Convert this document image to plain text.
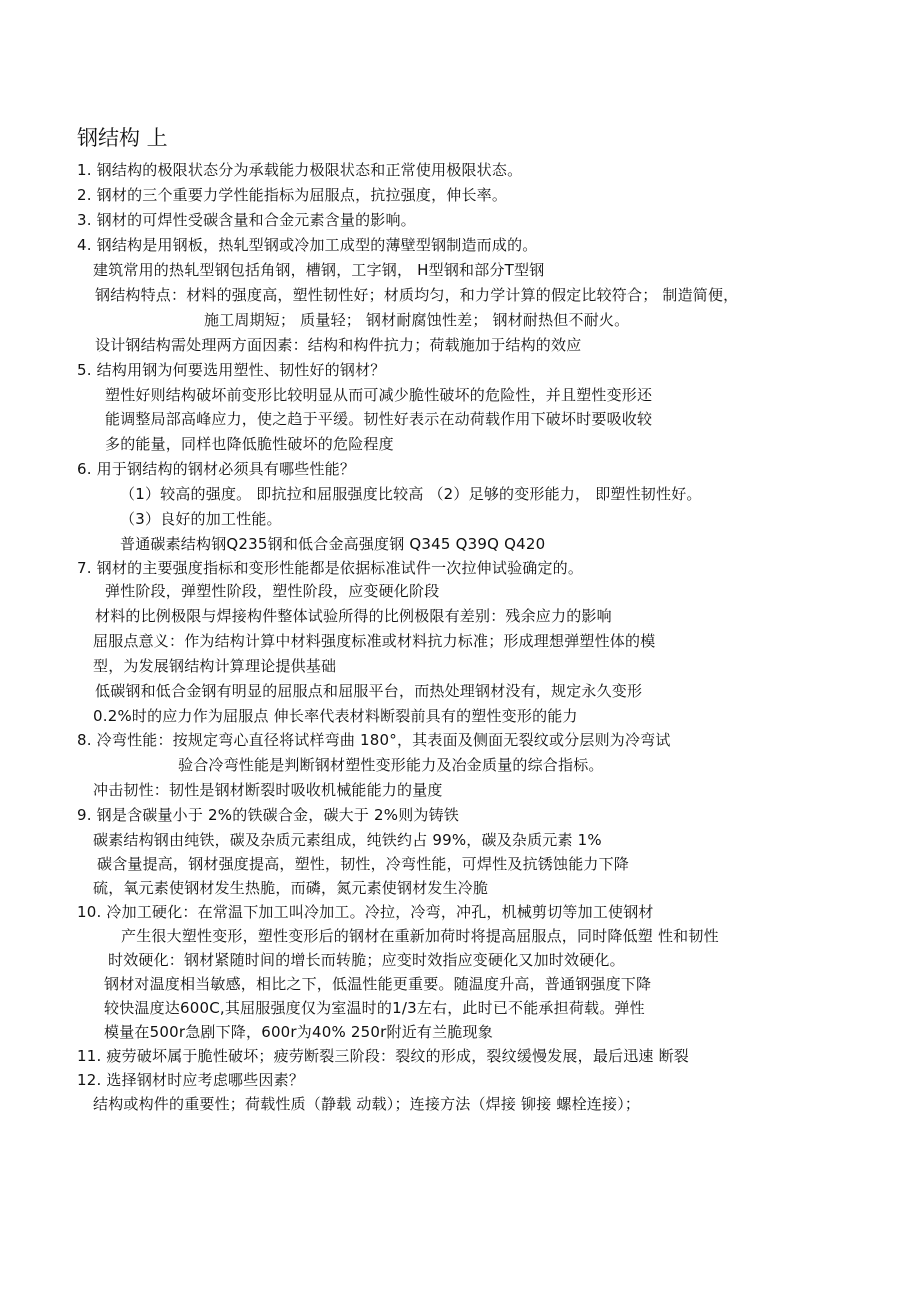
钢结构 上
1. 钢结构的极限状态分为承载能力极限状态和正常使用极限状态。
2. 钢材的三个重要力学性能指标为屈服点，抗拉强度，伸长率。
3. 钢材的可焊性受碳含量和合金元素含量的影响。
4. 钢结构是用钢板，热轧型钢或冷加工成型的薄壁型钢制造而成的。
建筑常用的热轧型钢包括角钢，槽钢，工字钢， H型钢和部分T型钢
钢结构特点：材料的强度高，塑性韧性好；材质均匀，和力学计算的假定比较符合； 制造简便，
施工周期短； 质量轻； 钢材耐腐蚀性差； 钢材耐热但不耐火。
设计钢结构需处理两方面因素：结构和构件抗力；荷载施加于结构的效应
5. 结构用钢为何要选用塑性、韧性好的钢材？
塑性好则结构破坏前变形比较明显从而可减少脆性破坏的危险性，并且塑性变形还
能调整局部高峰应力，使之趋于平缓。韧性好表示在动荷载作用下破坏时要吸收较
多的能量，同样也降低脆性破坏的危险程度
6. 用于钢结构的钢材必须具有哪些性能？
（1）较高的强度。 即抗拉和屈服强度比较高 （2）足够的变形能力， 即塑性韧性好。
（3）良好的加工性能。
普通碳素结构钢Q235钢和低合金高强度钢 Q345 Q39Q Q420
7. 钢材的主要强度指标和变形性能都是依据标准试件一次拉伸试验确定的。
弹性阶段，弹塑性阶段，塑性阶段，应变硬化阶段
材料的比例极限与焊接构件整体试验所得的比例极限有差别：残余应力的影响
屈服点意义：作为结构计算中材料强度标准或材料抗力标准；形成理想弹塑性体的模
型，为发展钢结构计算理论提供基础
低碳钢和低合金钢有明显的屈服点和屈服平台，而热处理钢材没有，规定永久变形
0.2%时的应力作为屈服点 伸长率代表材料断裂前具有的塑性变形的能力
8. 冷弯性能：按规定弯心直径将试样弯曲 180°，其表面及侧面无裂纹或分层则为冷弯试
验合冷弯性能是判断钢材塑性变形能力及冶金质量的综合指标。
冲击韧性：韧性是钢材断裂时吸收机械能能力的量度
9. 钢是含碳量小于 2%的铁碳合金，碳大于 2%则为铸铁
碳素结构钢由纯铁，碳及杂质元素组成，纯铁约占 99%，碳及杂质元素 1%
碳含量提高，钢材强度提高，塑性，韧性，冷弯性能，可焊性及抗锈蚀能力下降
硫，氧元素使钢材发生热脆，而磷，氮元素使钢材发生冷脆
10. 冷加工硬化：在常温下加工叫冷加工。冷拉，冷弯，冲孔，机械剪切等加工使钢材
产生很大塑性变形，塑性变形后的钢材在重新加荷时将提高屈服点，同时降低塑 性和韧性
时效硬化：钢材紧随时间的增长而转脆；应变时效指应变硬化又加时效硬化。
钢材对温度相当敏感，相比之下，低温性能更重要。随温度升高，普通钢强度下降
较快温度达600C,其屈服强度仅为室温时的1/3左右，此时已不能承担荷载。弹性
模量在500r急剧下降，600r为40% 250r附近有兰脆现象
11. 疲劳破坏属于脆性破坏；疲劳断裂三阶段：裂纹的形成，裂纹缓慢发展，最后迅速 断裂
12. 选择钢材时应考虑哪些因素？
结构或构件的重要性；荷载性质（静载 动载）；连接方法（焊接 铆接 螺栓连接）；
